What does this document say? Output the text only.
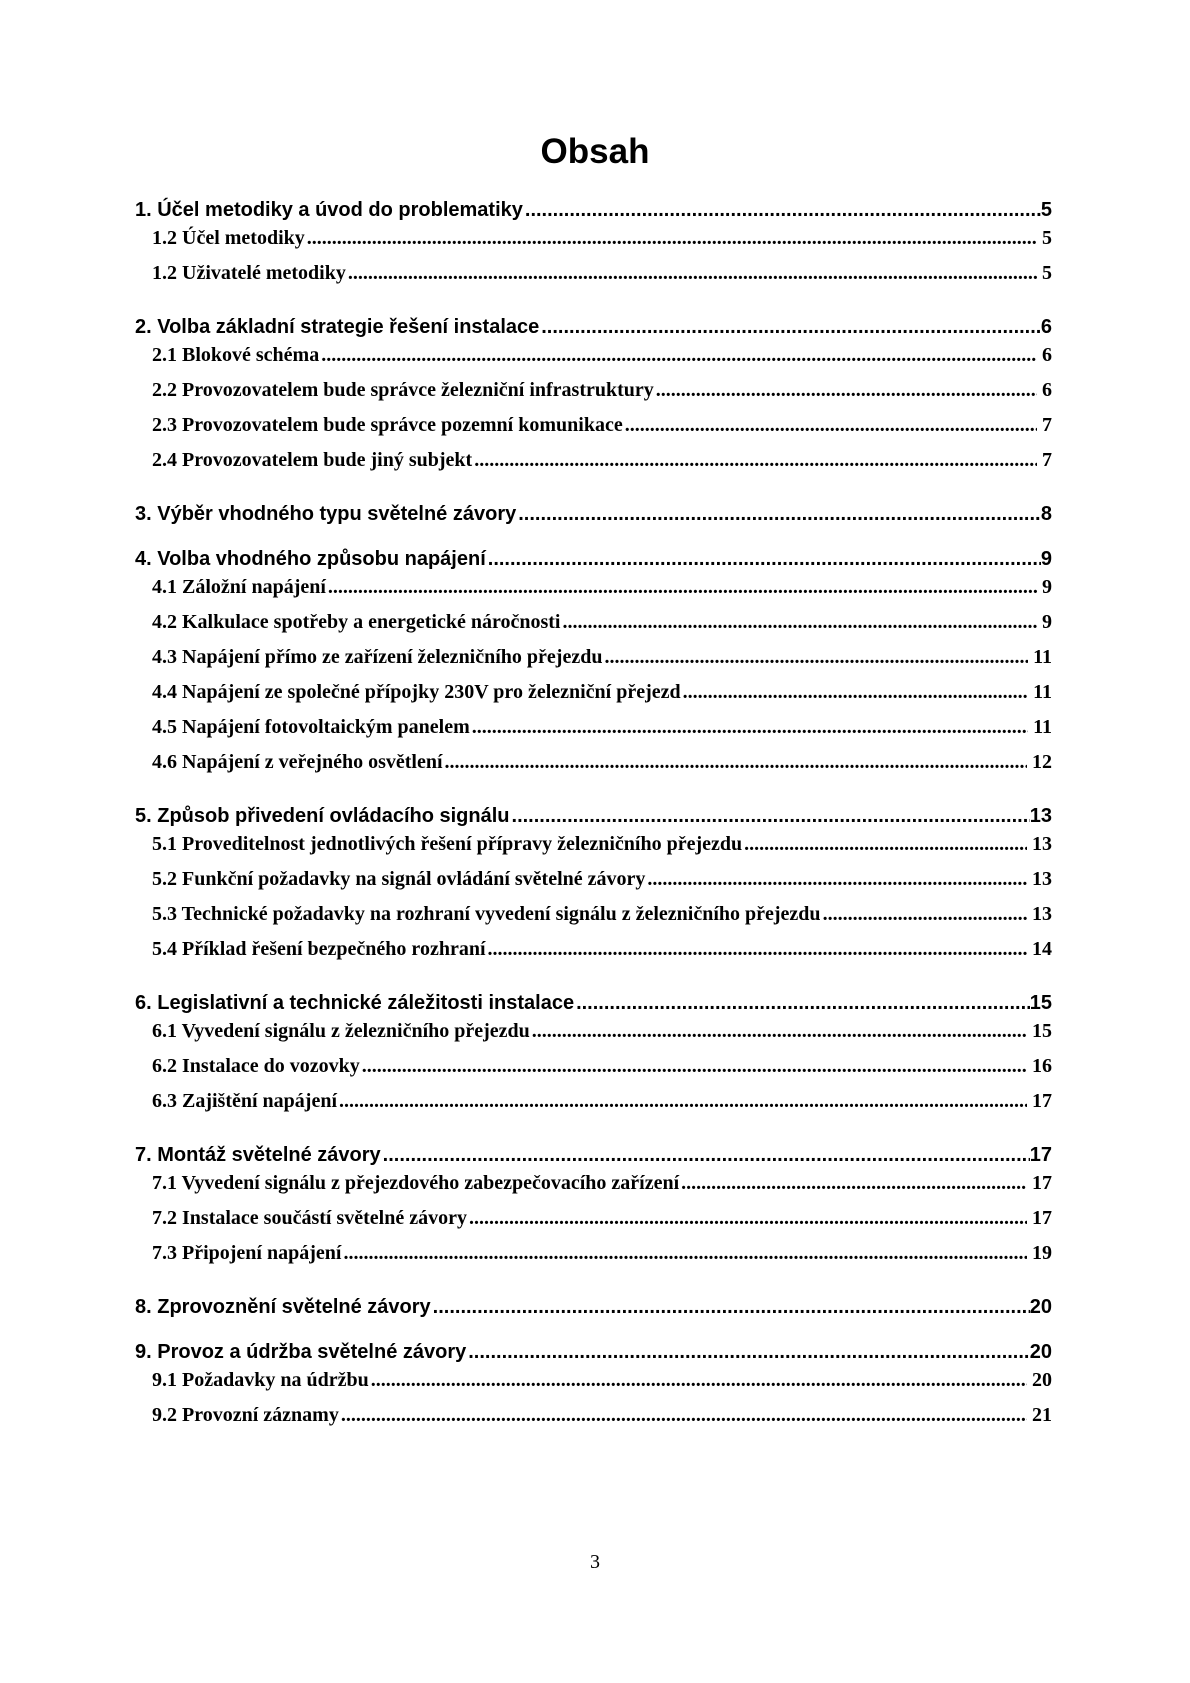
Obsah
1. Účel metodiky a úvod do problematiky .....	5
1.2 Účel metodiky .....	5
1.2 Uživatelé metodiky .....	5
2. Volba základní strategie řešení instalace .....	6
2.1 Blokové schéma .....	6
2.2 Provozovatelem bude správce železniční infrastruktury .....	6
2.3 Provozovatelem bude správce pozemní komunikace .....	7
2.4 Provozovatelem bude jiný subjekt .....	7
3. Výběr vhodného typu světelné závory .....	8
4. Volba vhodného způsobu napájení .....	9
4.1 Záložní napájení .....	9
4.2 Kalkulace spotřeby a energetické náročnosti .....	9
4.3 Napájení přímo ze zařízení železničního přejezdu .....	11
4.4 Napájení ze společné přípojky 230V pro železniční přejezd .....	11
4.5 Napájení fotovoltaickým panelem .....	11
4.6 Napájení z veřejného osvětlení .....	12
5. Způsob přivedení ovládacího signálu .....	13
5.1 Proveditelnost jednotlivých řešení přípravy železničního přejezdu .....	13
5.2 Funkční požadavky na signál ovládání světelné závory .....	13
5.3 Technické požadavky na rozhraní vyvedení signálu z železničního přejezdu .....	13
5.4 Příklad řešení bezpečného rozhraní .....	14
6. Legislativní a technické záležitosti instalace .....	15
6.1 Vyvedení signálu z železničního přejezdu .....	15
6.2 Instalace do vozovky .....	16
6.3 Zajištění napájení .....	17
7. Montáž světelné závory .....	17
7.1 Vyvedení signálu z přejezdového zabezpečovacího zařízení .....	17
7.2 Instalace součástí světelné závory .....	17
7.3 Připojení napájení .....	19
8. Zprovoznění světelné závory .....	20
9. Provoz a údržba světelné závory .....	20
9.1 Požadavky na údržbu .....	20
9.2 Provozní záznamy .....	21
3
